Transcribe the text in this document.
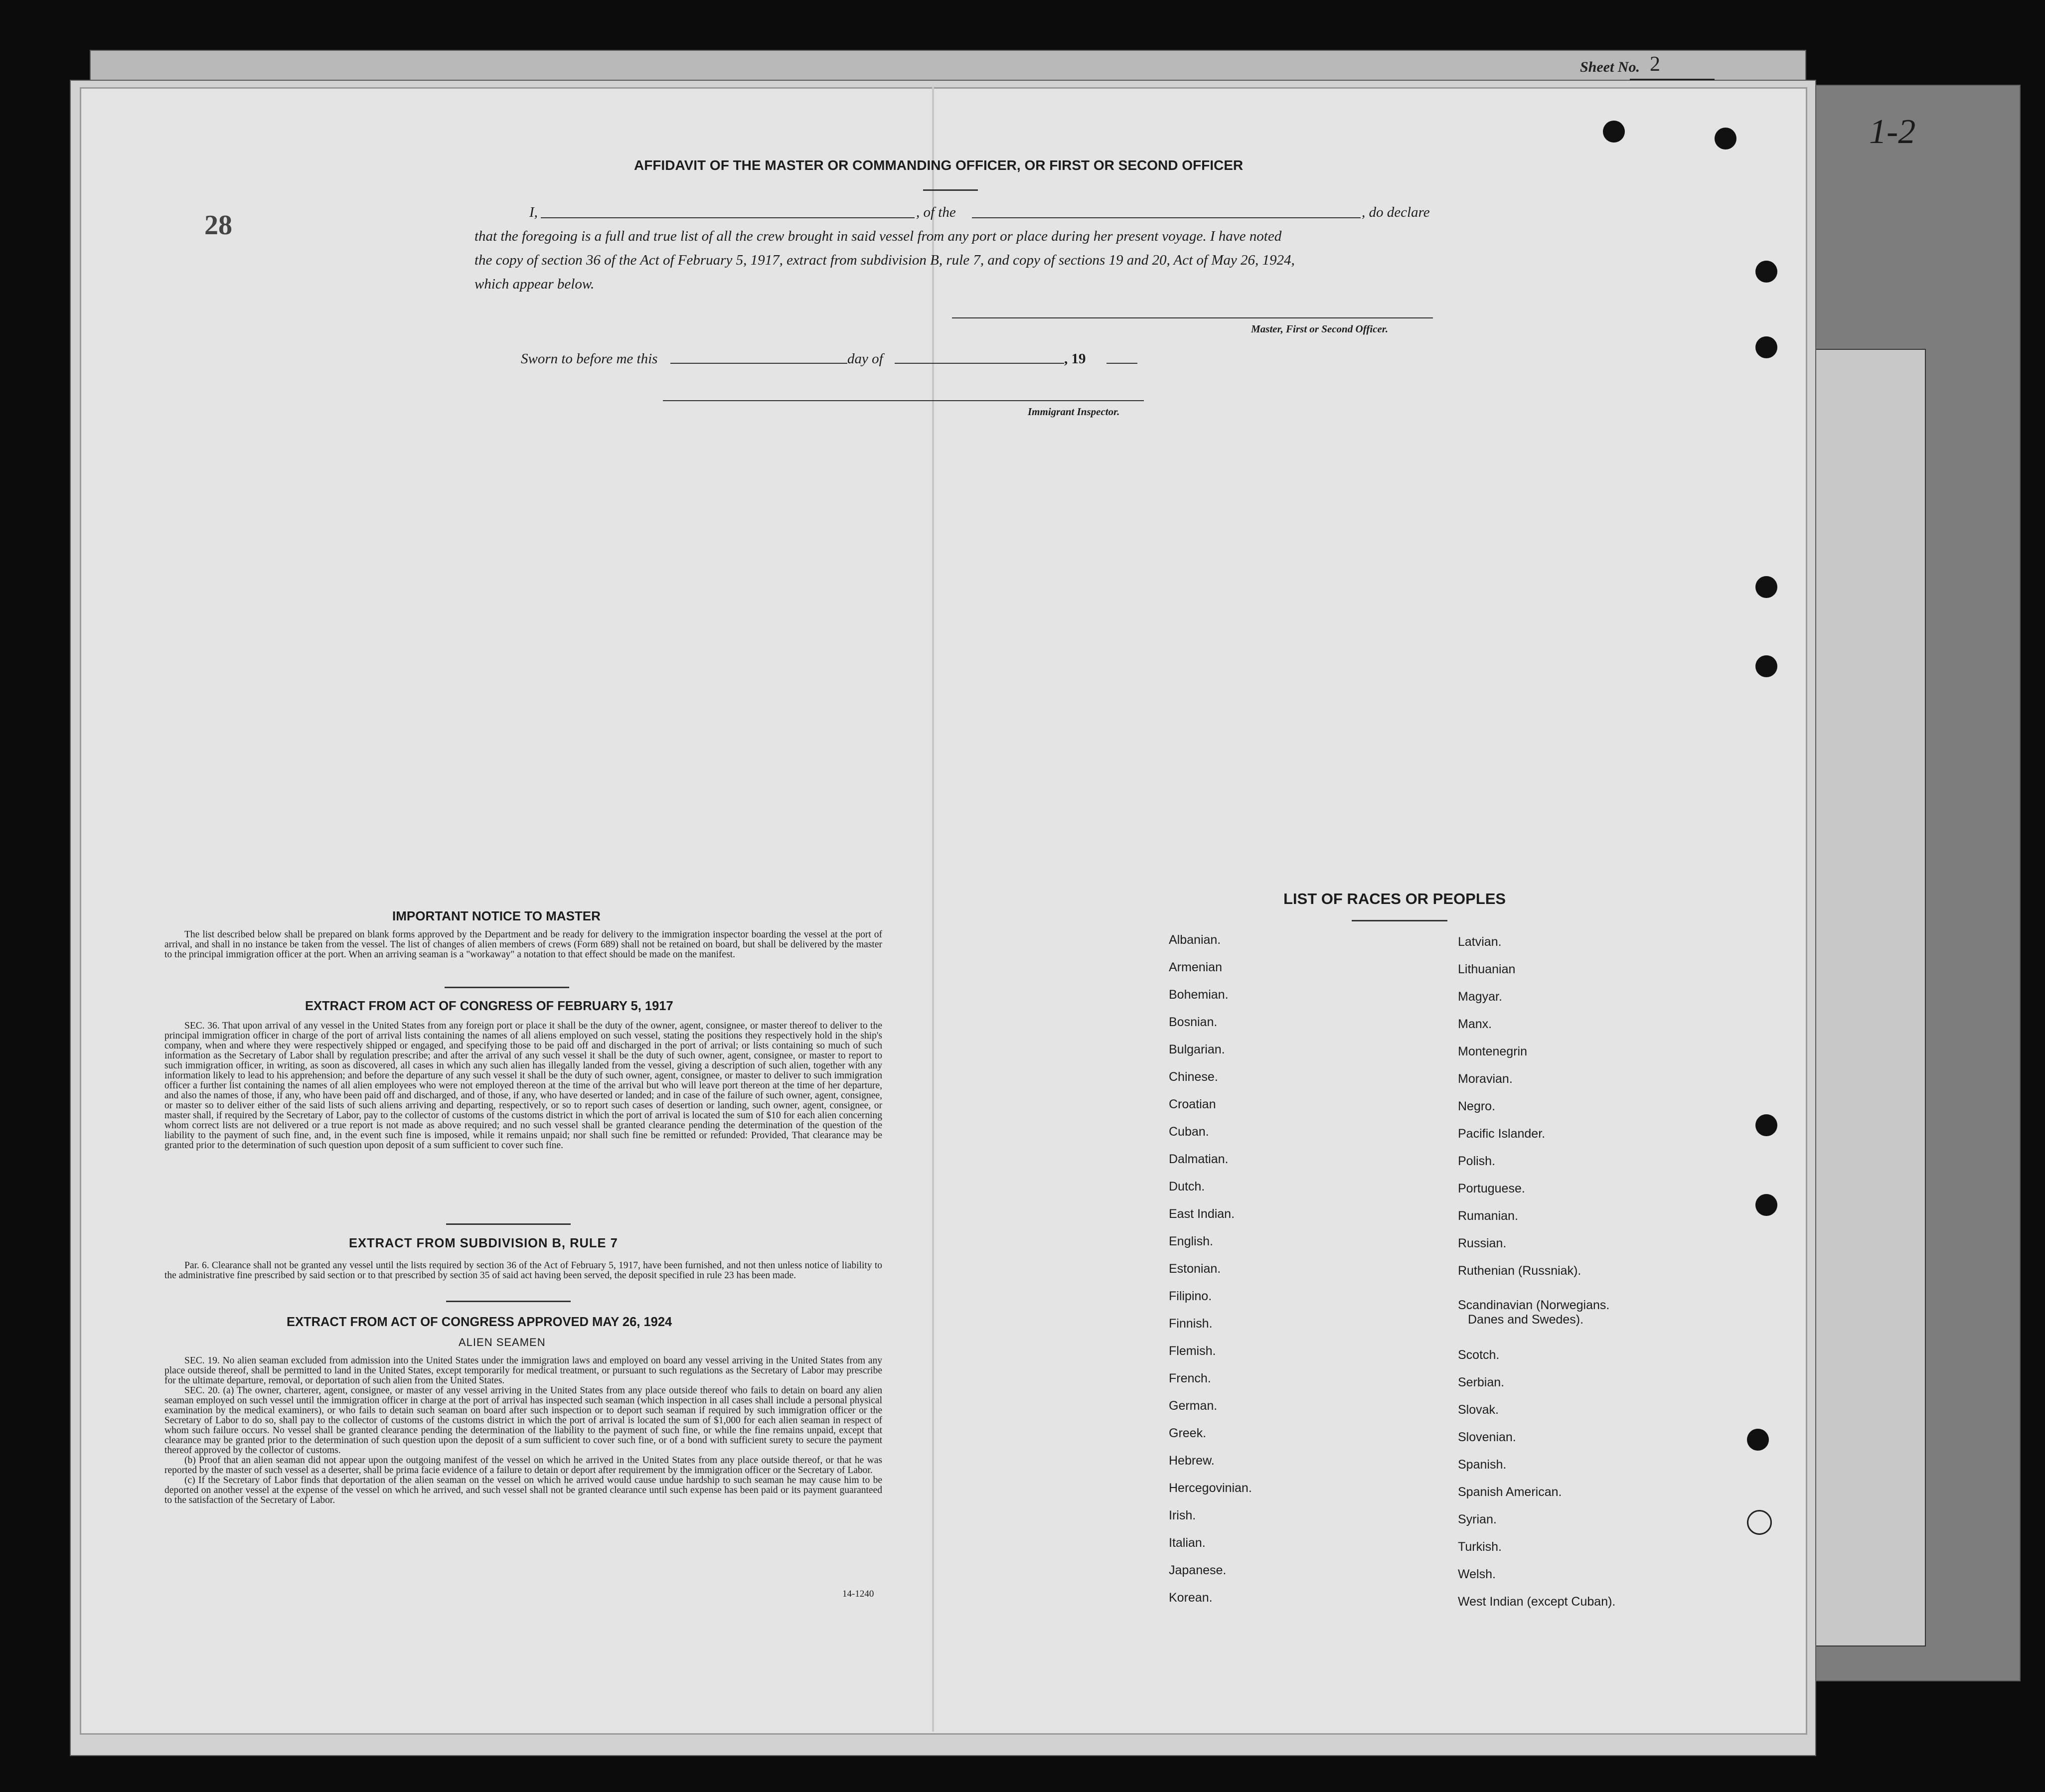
Sheet No. 2
1-2
28
AFFIDAVIT OF THE MASTER OR COMMANDING OFFICER, OR FIRST OR SECOND OFFICER
I,	, of the	, do declare
that the foregoing is a full and true list of all the crew brought in said vessel from any port or place during her present voyage. I have noted
the copy of section 36 of the Act of February 5, 1917, extract from subdivision B, rule 7, and copy of sections 19 and 20, Act of May 26, 1924,
which appear below.
Master, First or Second Officer.
Sworn to before me this	day of	, 19
Immigrant Inspector.
IMPORTANT NOTICE TO MASTER

The list described below shall be prepared on blank forms approved by the Department and be ready for delivery to the immigration inspector boarding the vessel at the port of arrival, and shall in no instance be taken from the vessel. The list of changes of alien members of crews (Form 689) shall not be retained on board, but shall be delivered by the master to the principal immigration officer at the port. When an arriving seaman is a "workaway" a notation to that effect should be made on the manifest.

EXTRACT FROM ACT OF CONGRESS OF FEBRUARY 5, 1917

SEC. 36. That upon arrival of any vessel in the United States from any foreign port or place it shall be the duty of the owner, agent, consignee, or master thereof to deliver to the principal immigration officer in charge of the port of arrival lists containing the names of all aliens employed on such vessel, stating the positions they respectively hold in the ship's company, when and where they were respectively shipped or engaged, and specifying those to be paid off and discharged in the port of arrival; or lists containing so much of such information as the Secretary of Labor shall by regulation prescribe; and after the arrival of any such vessel it shall be the duty of such owner, agent, consignee, or master to report to such immigration officer, in writing, as soon as discovered, all cases in which any such alien has illegally landed from the vessel, giving a description of such alien, together with any information likely to lead to his apprehension; and before the departure of any such vessel it shall be the duty of such owner, agent, consignee, or master to deliver to such immigration officer a further list containing the names of all alien employees who were not employed thereon at the time of the arrival but who will leave port thereon at the time of her departure, and also the names of those, if any, who have been paid off and discharged, and of those, if any, who have deserted or landed; and in case of the failure of such owner, agent, consignee, or master so to deliver either of the said lists of such aliens arriving and departing, respectively, or so to report such cases of desertion or landing, such owner, agent, consignee, or master shall, if required by the Secretary of Labor, pay to the collector of customs of the customs district in which the port of arrival is located the sum of $10 for each alien concerning whom correct lists are not delivered or a true report is not made as above required; and no such vessel shall be granted clearance pending the determination of the question of the liability to the payment of such fine, and, in the event such fine is imposed, while it remains unpaid; nor shall such fine be remitted or refunded: Provided, That clearance may be granted prior to the determination of such question upon deposit of a sum sufficient to cover such fine.

EXTRACT FROM SUBDIVISION B, RULE 7

Par. 6. Clearance shall not be granted any vessel until the lists required by section 36 of the Act of February 5, 1917, have been furnished, and not then unless notice of liability to the administrative fine prescribed by said section or to that prescribed by section 35 of said act having been served, the deposit specified in rule 23 has been made.

EXTRACT FROM ACT OF CONGRESS APPROVED MAY 26, 1924
ALIEN SEAMEN

SEC. 19. No alien seaman excluded from admission into the United States under the immigration laws and employed on board any vessel arriving in the United States from any place outside thereof, shall be permitted to land in the United States, except temporarily for medical treatment, or pursuant to such regulations as the Secretary of Labor may prescribe for the ultimate departure, removal, or deportation of such alien from the United States.

SEC. 20. (a) The owner, charterer, agent, consignee, or master of any vessel arriving in the United States from any place outside thereof who fails to detain on board any alien seaman employed on such vessel until the immigration officer in charge at the port of arrival has inspected such seaman (which inspection in all cases shall include a personal physical examination by the medical examiners), or who fails to detain such seaman on board after such inspection or to deport such seaman if required by such immigration officer or the Secretary of Labor to do so, shall pay to the collector of customs of the customs district in which the port of arrival is located the sum of $1,000 for each alien seaman in respect of whom such failure occurs. No vessel shall be granted clearance pending the determination of the liability to the payment of such fine, or while the fine remains unpaid, except that clearance may be granted prior to the determination of such question upon the deposit of a sum sufficient to cover such fine, or of a bond with sufficient surety to secure the payment thereof approved by the collector of customs.

(b) Proof that an alien seaman did not appear upon the outgoing manifest of the vessel on which he arrived in the United States from any place outside thereof, or that he was reported by the master of such vessel as a deserter, shall be prima facie evidence of a failure to detain or deport after requirement by the immigration officer or the Secretary of Labor.

(c) If the Secretary of Labor finds that deportation of the alien seaman on the vessel on which he arrived would cause undue hardship to such seaman he may cause him to be deported on another vessel at the expense of the vessel on which he arrived, and such vessel shall not be granted clearance until such expense has been paid or its payment guaranteed to the satisfaction of the Secretary of Labor.

14-1240
LIST OF RACES OR PEOPLES
Albanian.
Armenian
Bohemian.
Bosnian.
Bulgarian.
Chinese.
Croatian
Cuban.
Dalmatian.
Dutch.
East Indian.
English.
Estonian.
Filipino.
Finnish.
Flemish.
French.
German.
Greek.
Hebrew.
Hercegovinian.
Irish.
Italian.
Japanese.
Korean.
Latvian.
Lithuanian
Magyar.
Manx.
Montenegrin
Moravian.
Negro.
Pacific Islander.
Polish.
Portuguese.
Rumanian.
Russian.
Ruthenian (Russniak).
Scandinavian (Norwegians.
Danes and Swedes).
Scotch.
Serbian.
Slovak.
Slovenian.
Spanish.
Spanish American.
Syrian.
Turkish.
Welsh.
West Indian (except Cuban).
